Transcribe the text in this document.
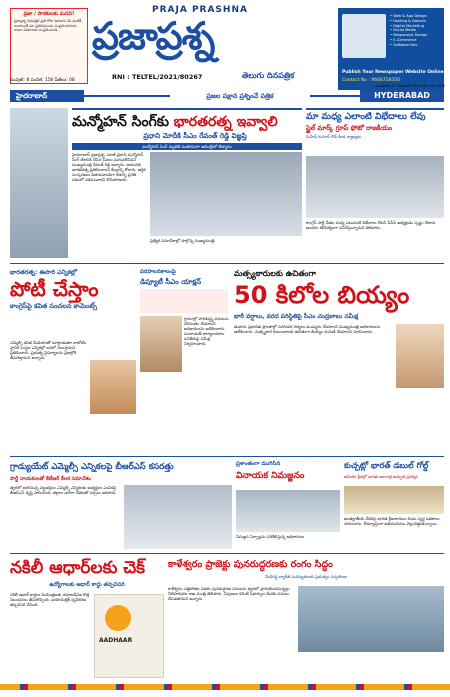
ప్రజా / పాఠకులకు మనవి!
ప్రజాప్రశ్న దినపత్రిక ప్రతి రోజు ఉదయం మీ ఇంటికి రావాలంటే మా ప్రతినిధులను సంప్రదించగలరు. చందా వివరాలకు సంప్రదించండి.
సంపుటి: 8 సంచిక: 156 పేజీలు: 08
PRAJA PRASHNA
ప్రజాప్రశ్న
RNI : TELTEL/2021/80267	తెలుగు దినపత్రిక
• Web & App Design
• Hosting & Domain
• Digital Marketing
• Social Media
• Responsive Design
• E-Commerce
• Software Dev
Publish Your Newspaper Website Online
Contact No : 9666758350
హైదరాబాద్	ప్రజల పక్షాన ప్రశ్నించే పత్రిక	HYDERABAD
బుధవారం 27 డిసెంబర్ 2024 వెల: రూ 5.00
మన్మోహన్ సింగ్‌కు భారతరత్న ఇవ్వాలి
ప్రధాని మోదీకి సీఎం రేవంత్ రెడ్డి విజ్ఞప్తి
మన్మోహన్ సింగ్ మృతికి సంతాపంగా అసెంబ్లీలో తీర్మానం
హైదరాబాద్ ప్రజాప్రశ్న: మాజీ ప్రధాని మన్మోహన్ సింగ్ దేశానికి చేసిన సేవలు మరువలేనివని ముఖ్యమంత్రి రేవంత్ రెడ్డి అన్నారు. ఆయనకు భారతరత్న ప్రకటించాలని కేంద్రాన్ని కోరారు. ఆర్థిక సంస్కరణల పితామహుడిగా దేశాన్ని ప్రగతి పథంలో నడిపించారని కొనియాడారు.
ప్రత్యేక సమావేశాల్లో పాల్గొన్న ముఖ్యమంత్రి
మా మధ్య ఎలాంటి విభేదాలు లేవు
స్టైల్ మార్క్ గ్రూప్ ఫోటో రాజకీయం
మహేష్ కుమార్ గౌడ్ కీలక వ్యాఖ్యలు
కాంగ్రెస్ పార్టీ నేతల మధ్య ఎటువంటి విభేదాలు లేవని పీసీసీ అధ్యక్షుడు స్పష్టం చేశారు. అందరం కలిసికట్టుగా పనిచేస్తున్నామని తెలిపారు.
భారతరత్న: ఈసారి ఎన్నికల్లో
పోటీ చేస్తాం
కాంగ్రెస్‌పై కవిత సంచలన కామెంట్స్
ఎమ్మెల్సీ కవిత మీడియాతో మాట్లాడుతూ రాబోయే స్థానిక సంస్థల ఎన్నికల్లో బరిలో నిలుస్తామని ప్రకటించారు. ప్రభుత్వ వైఫల్యాలను ప్రజల్లోకి తీసుకెళ్తామని అన్నారు.
పరపాలనకాలంపై
డిప్యూటీ సీఎం యాక్షన్
గ్రామాల్లో పారిశుద్ధ్య పనులను వేగవంతం చేయాలని అధికారులను ఆదేశించారు. పంచాయతీ కార్యాలయాల పనితీరుపై సమీక్ష నిర్వహించారు.
మత్స్యకారులకు ఉచితంగా
50 కిలోల బియ్యం
భారీ వర్షాలు, వరద పరిస్థితిపై సీఎం చంద్రబాబు సమీక్ష
తుఫాను ప్రభావిత ప్రాంతాల్లో సహాయక చర్యలు ముమ్మరం చేయాలని ముఖ్యమంత్రి అధికారులను ఆదేశించారు. మత్స్యకార కుటుంబాలకు ఉచితంగా బియ్యం పంపిణీ చేయాలని సూచించారు.
గ్రాడ్యుయేట్ ఎమ్మెల్సీ ఎన్నికలపై బీఆర్ఎస్ కసరత్తు
పార్టీ నాయకులతో కేటీఆర్ కీలక సమావేశం
త్వరలో జరగనున్న పట్టభద్రుల ఎమ్మెల్సీ ఎన్నికలకు అభ్యర్థుల ఎంపికపై బీఆర్ఎస్ దృష్టి సారించింది. జిల్లాల వారీగా నేతలతో చర్చలు జరిపారు.
ప్రశాంతంగా ముగిసిన
వినాయక నిమజ్జనం
నిమజ్జన ఏర్పాట్లను పరిశీలిస్తున్న అధికారులు
కుచ్చట్లో భారత్ డబుల్ గోల్డ్
ఆసియా క్రీడల్లో భారత ఆటగాళ్ల అద్భుత ప్రదర్శన
అంతర్జాతీయ వేదికపై భారత క్రీడాకారులు రెండు స్వర్ణ పతకాలు సాధించారు. దేశవ్యాప్తంగా అభినందనలు వెల్లువెత్తుతున్నాయి.
నకిలీ ఆధార్‌లకు చెక్
ఉద్యోగాలకు ఆధార్ కార్డు తప్పనిసరి
నకిలీ ఆధార్ కార్డుల నియంత్రణకు యూఐడీఏఐ కొత్త నిబంధనలు తీసుకొచ్చింది. బయోమెట్రిక్ ధృవీకరణ తప్పనిసరి చేసింది.
AADHAAR
కాళేశ్వరం ప్రాజెక్టు పునరుద్ధరణకు రంగం సిద్ధం
మేడిగడ్డ బ్యారేజీ మరమ్మతులకు ప్రభుత్వం పచ్చజెండా
కాళేశ్వరం ఎత్తిపోతల పథకం పునరుద్ధరణ పనులను త్వరలో ప్రారంభించనున్నట్లు నీటిపారుదల శాఖ మంత్రి తెలిపారు. నిపుణుల కమిటీ సిఫార్సుల మేరకు పనులు చేపడతామని అన్నారు.
